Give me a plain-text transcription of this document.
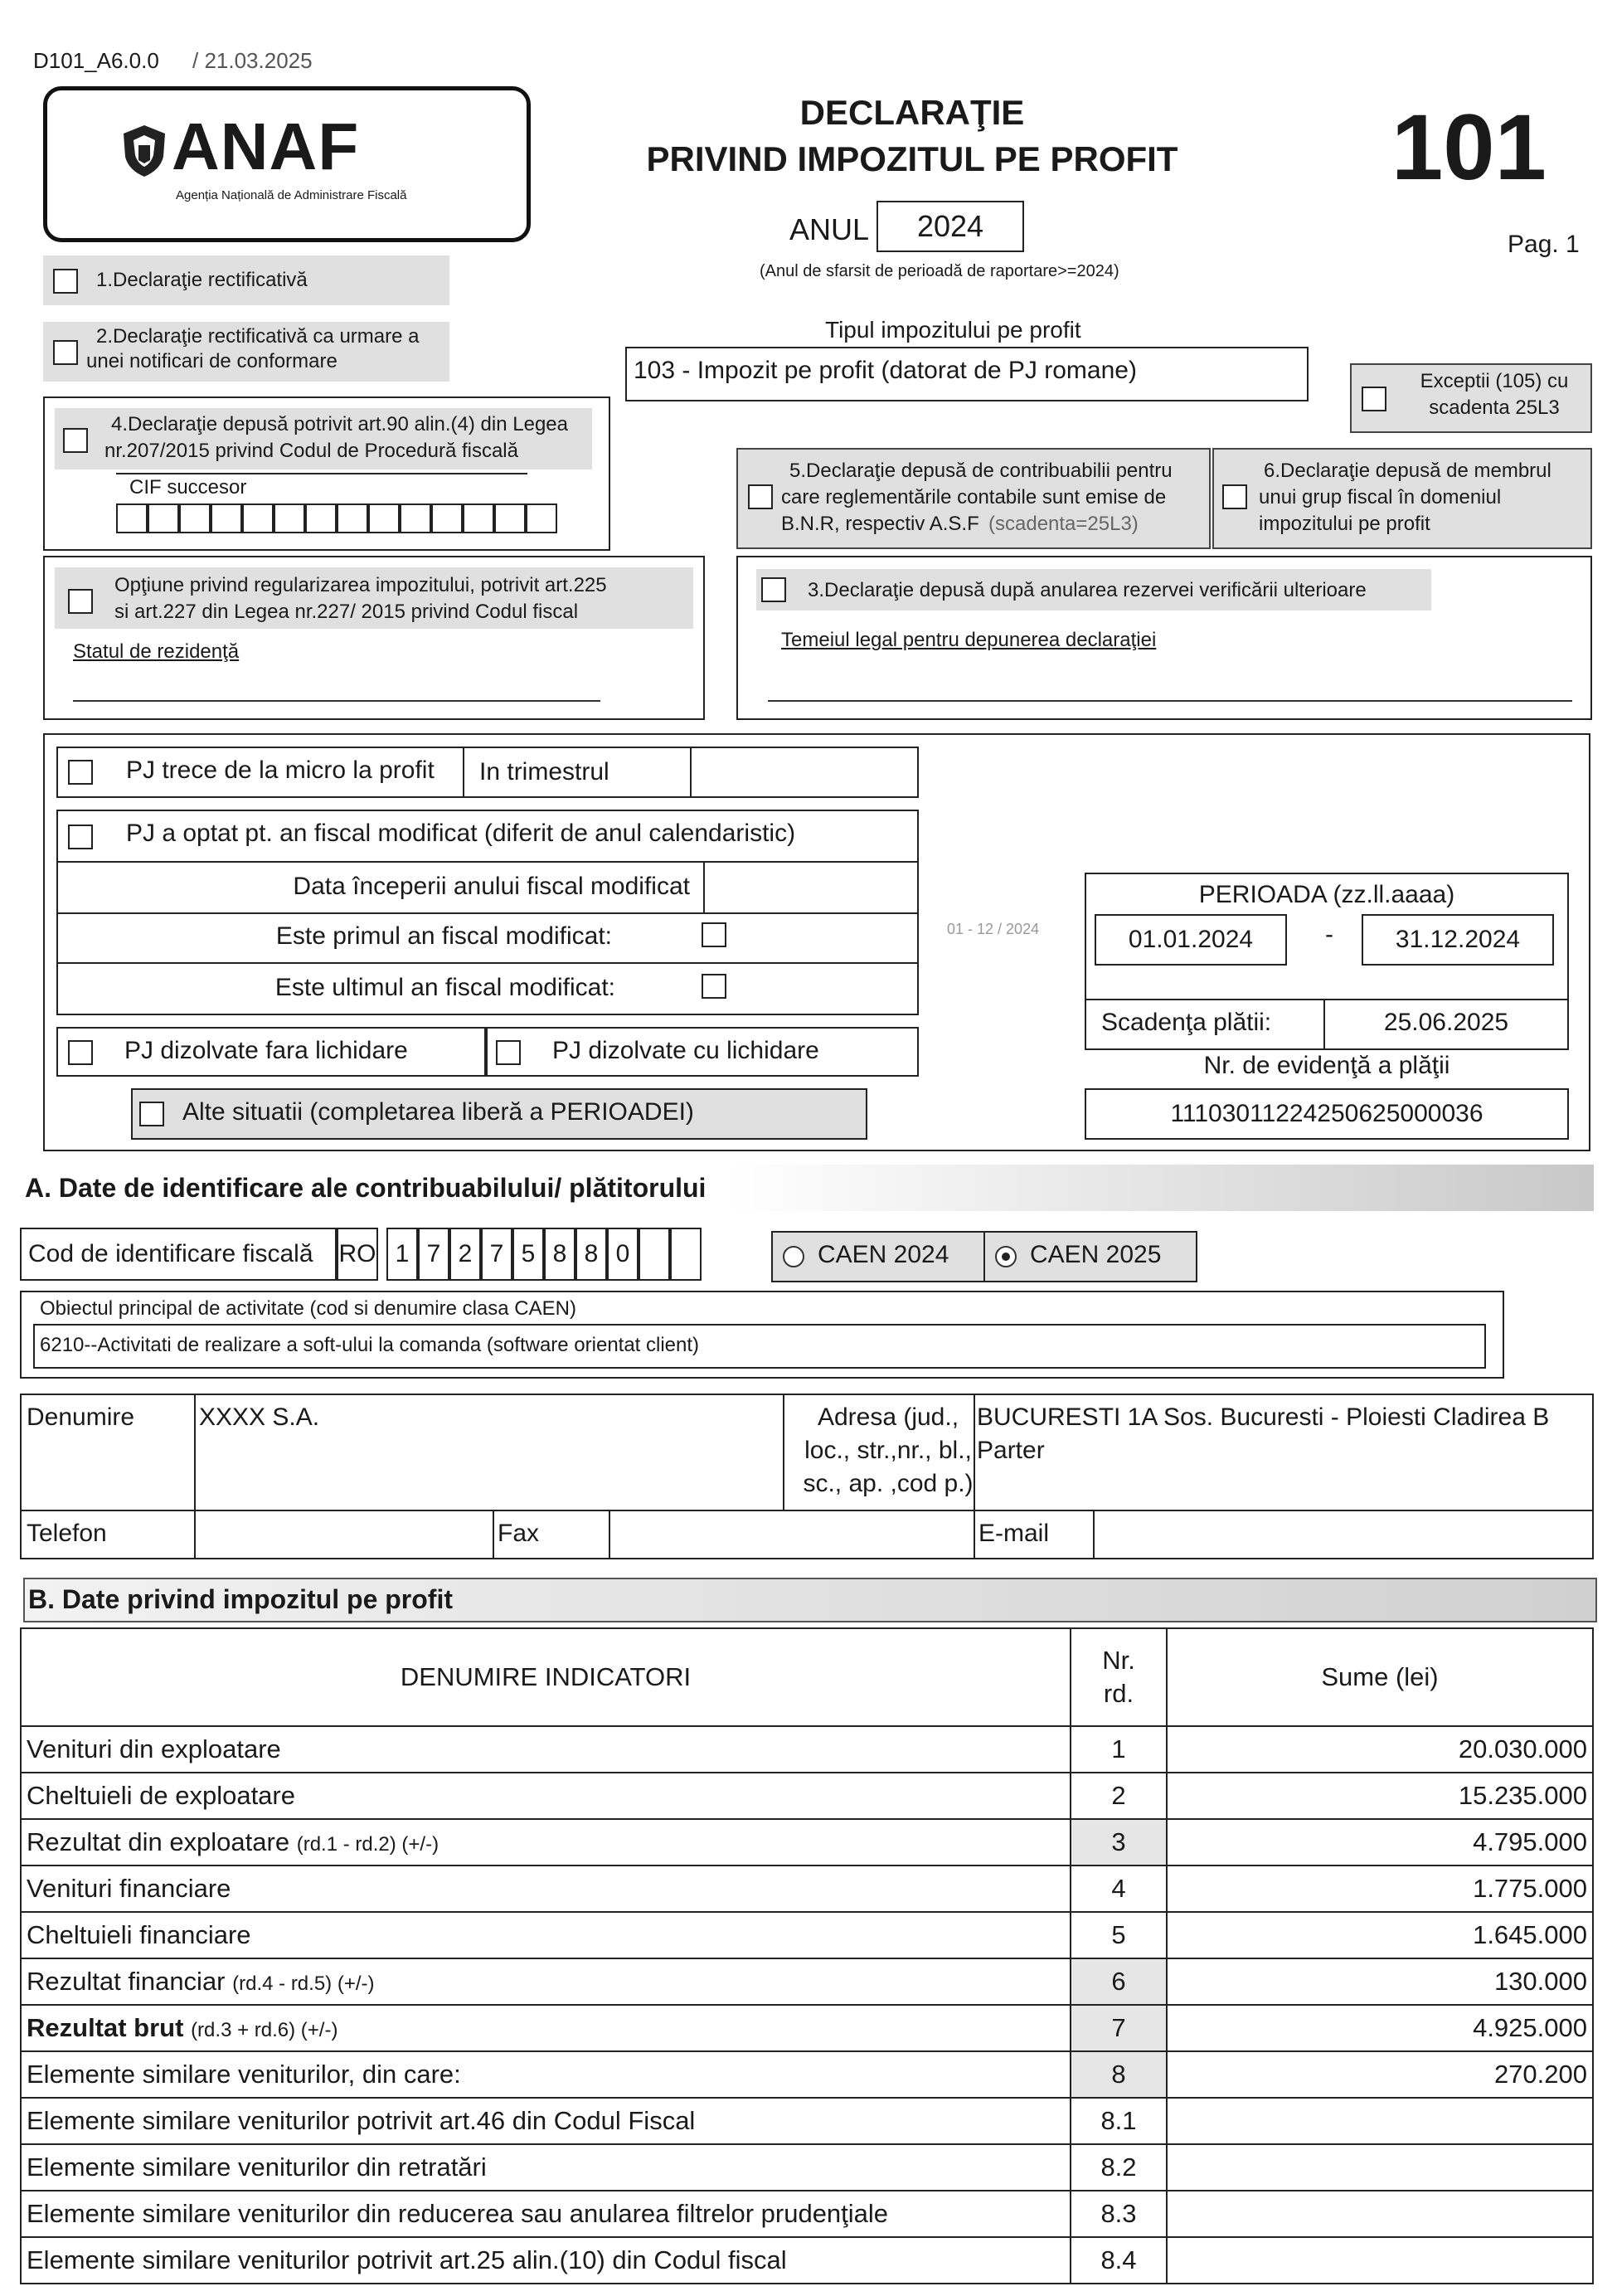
D101_A6.0.0 / 21.03.2025
ANAF
Agenția Națională de Administrare Fiscală
DECLARAŢIE
PRIVIND IMPOZITUL PE PROFIT	101
Pag. 1
ANUL	2024
(Anul de sfarsit de perioadă de raportare>=2024)
1.Declaraţie rectificativă
2.Declaraţie rectificativă ca urmare a
unei notificari de conformare
4.Declaraţie depusă potrivit art.90 alin.(4) din Legea
nr.207/2015 privind Codul de Procedură fiscală
CIF succesor
Tipul impozitului pe profit
103 - Impozit pe profit (datorat de PJ romane)	Exceptii (105) cu
scadenta 25L3
5.Declaraţie depusă de contribuabilii pentru
care reglementările contabile sunt emise de
B.N.R, respectiv A.S.F (scadenta=25L3)
6.Declaraţie depusă de membrul
unui grup fiscal în domeniul
impozitului pe profit
Opţiune privind regularizarea impozitului, potrivit art.225
si art.227 din Legea nr.227/ 2015 privind Codul fiscal
Statul de rezidenţă
3.Declaraţie depusă după anularea rezervei verificării ulterioare
Temeiul legal pentru depunerea declaraţiei
PJ trece de la micro la profit In trimestrul
PJ a optat pt. an fiscal modificat (diferit de anul calendaristic)
Data începerii anului fiscal modificat
Este primul an fiscal modificat:
Este ultimul an fiscal modificat:
PJ dizolvate fara lichidare	PJ dizolvate cu lichidare
Alte situatii (completarea liberă a PERIOADEI)
01 - 12 / 2024
PERIOADA (zz.ll.aaaa)
01.01.2024	-	31.12.2024
Scadenţa plătii:	25.06.2025
Nr. de evidenţă a plăţii
11103011224250625000036
A. Date de identificare ale contribuabilului/ plătitorului
Cod de identificare fiscală	RO 1 7 2 7 5 8 8 0	CAEN 2024	CAEN 2025
Obiectul principal de activitate (cod si denumire clasa CAEN)
6210--Activitati de realizare a soft-ului la comanda (software orientat client)
Denumire	XXXX S.A.	Adresa (jud.,
loc., str.,nr., bl.,
sc., ap. ,cod p.)
BUCURESTI 1A Sos. Bucuresti - Ploiesti Cladirea B
Parter
Telefon	Fax	E-mail
B. Date privind impozitul pe profit
DENUMIRE INDICATORI	Nr.
rd.	Sume (lei)
Venituri din exploatare	1	20.030.000
Cheltuieli de exploatare	2	15.235.000
Rezultat din exploatare (rd.1 - rd.2) (+/-)	3	4.795.000
Venituri financiare	4	1.775.000
Cheltuieli financiare	5	1.645.000
Rezultat financiar (rd.4 - rd.5) (+/-)	6	130.000
Rezultat brut (rd.3 + rd.6) (+/-)	7	4.925.000
Elemente similare veniturilor, din care:	8	270.200
Elemente similare veniturilor potrivit art.46 din Codul Fiscal	8.1	
Elemente similare veniturilor din retratări	8.2	
Elemente similare veniturilor din reducerea sau anularea filtrelor prudenţiale	8.3	
Elemente similare veniturilor potrivit art.25 alin.(10) din Codul fiscal	8.4	
